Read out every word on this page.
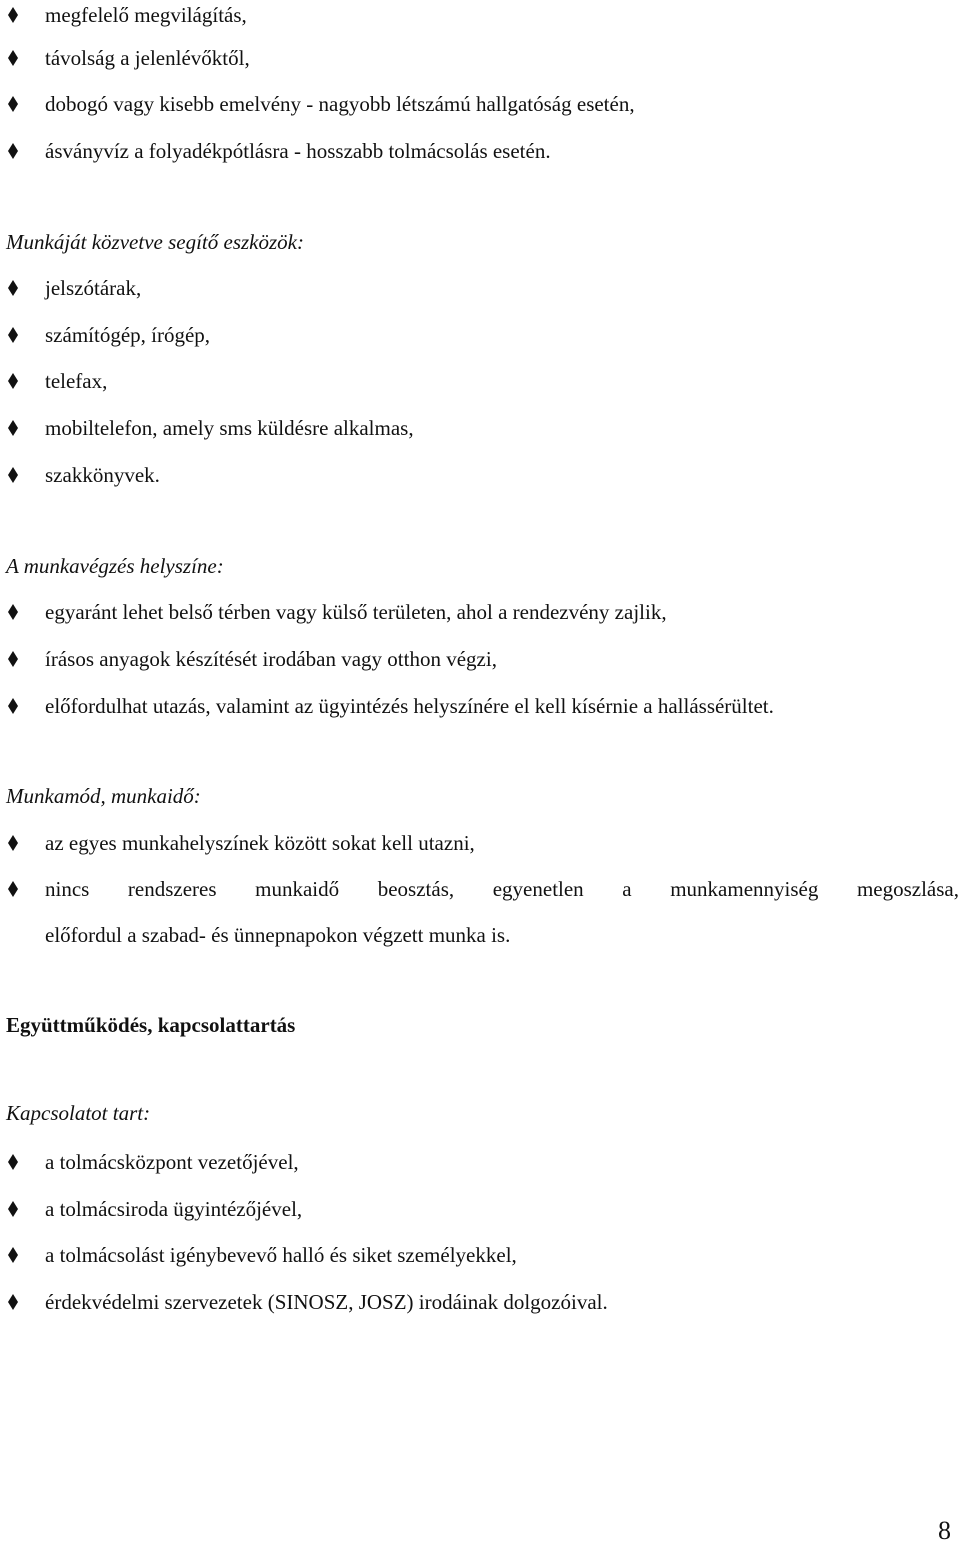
megfelelő megvilágítás,
távolság a jelenlévőktől,
dobogó vagy kisebb emelvény - nagyobb létszámú hallgatóság esetén,
ásványvíz a folyadékpótlásra - hosszabb tolmácsolás esetén.
Munkáját közvetve segítő eszközök:
jelszótárak,
számítógép, írógép,
telefax,
mobiltelefon, amely sms küldésre alkalmas,
szakkönyvek.
A munkavégzés helyszíne:
egyaránt lehet belső térben vagy külső területen, ahol a rendezvény zajlik,
írásos anyagok készítését irodában vagy otthon végzi,
előfordulhat utazás, valamint az ügyintézés helyszínére el kell kísérnie a hallássérültet.
Munkamód, munkaidő:
az egyes munkahelyszínek között sokat kell utazni,
nincs rendszeres munkaidő beosztás, egyenetlen a munkamennyiség megoszlása,
előfordul a szabad- és ünnepnapokon végzett munka is.
Együttműködés, kapcsolattartás
Kapcsolatot tart:
a tolmácsközpont vezetőjével,
a tolmácsiroda ügyintézőjével,
a tolmácsolást igénybevevő halló és siket személyekkel,
érdekvédelmi szervezetek (SINOSZ, JOSZ) irodáinak dolgozóival.
8
